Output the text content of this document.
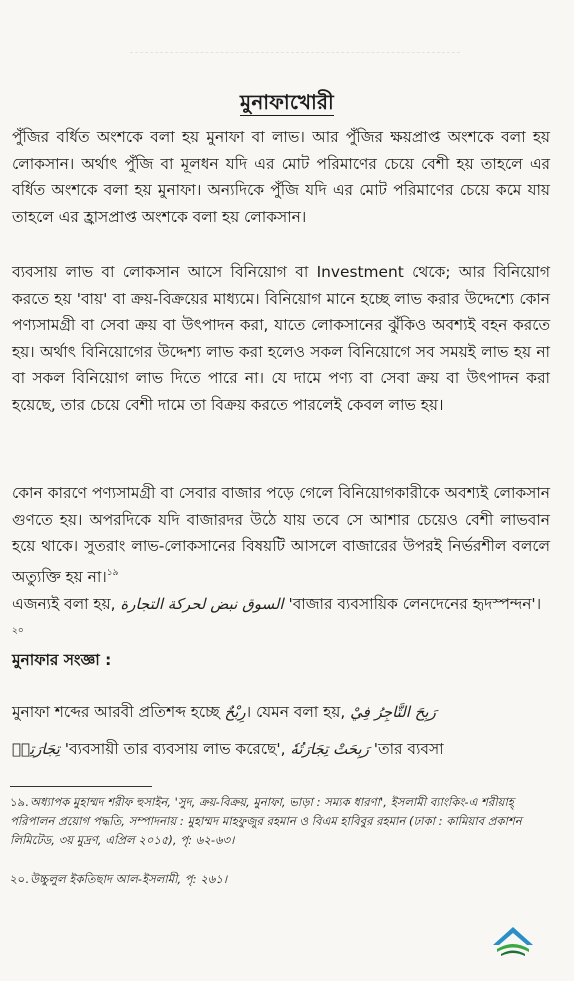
মুনাফাখোরী

পুঁজির বর্ধিত অংশকে বলা হয় মুনাফা বা লাভ। আর পুঁজির ক্ষয়প্রাপ্ত অংশকে বলা হয় লোকসান। অর্থাৎ পুঁজি বা মূলধন যদি এর মোট পরিমাণের চেয়ে বেশী হয় তাহলে এর বর্ধিত অংশকে বলা হয় মুনাফা। অন্যদিকে পুঁজি যদি এর মোট পরিমাণের চেয়ে কমে যায় তাহলে এর হ্রাসপ্রাপ্ত অংশকে বলা হয় লোকসান।

ব্যবসায় লাভ বা লোকসান আসে বিনিয়োগ বা Investment থেকে; আর বিনিয়োগ করতে হয় 'বায়' বা ক্রয়-বিক্রয়ের মাধ্যমে। বিনিয়োগ মানে হচ্ছে লাভ করার উদ্দেশ্যে কোন পণ্যসামগ্রী বা সেবা ক্রয় বা উৎপাদন করা, যাতে লোকসানের ঝুঁকিও অবশ্যই বহন করতে হয়। অর্থাৎ বিনিয়োগের উদ্দেশ্য লাভ করা হলেও সকল বিনিয়োগে সব সময়ই লাভ হয় না বা সকল বিনিয়োগ লাভ দিতে পারে না। যে দামে পণ্য বা সেবা ক্রয় বা উৎপাদন করা হয়েছে, তার চেয়ে বেশী দামে তা বিক্রয় করতে পারলেই কেবল লাভ হয়।

কোন কারণে পণ্যসামগ্রী বা সেবার বাজার পড়ে গেলে বিনিয়োগকারীকে অবশ্যই লোকসান গুণতে হয়। অপরদিকে যদি বাজারদর উঠে যায় তবে সে আশার চেয়েও বেশী লাভবান হয়ে থাকে। সুতরাং লাভ-লোকসানের বিষয়টি আসলে বাজারের উপরই নির্ভরশীল বললে অত্যুক্তি হয় না।$^{১৯}$

এজন্যই বলা হয়, السوق نبض لحركة التجارة 'বাজার ব্যবসায়িক লেনদেনের হৃদস্পন্দন'।$^{২০}$

মুনাফার সংজ্ঞা :

মুনাফা শব্দের আরবী প্রতিশব্দ হচ্ছে رِبْحٌ। যেমন বলা হয়, رَبِحَ التَّاجِرُ فِيْ

تِجَارَتِهٖ 'ব্যবসায়ী তার ব্যবসায় লাভ করেছে', رَبِحَتْ تِجَارَتُهٗ 'তার ব্যবসা

১৯.অধ্যাপক মুহাম্মদ শরীফ হুসাইন, 'সুদ, ক্রয়-বিক্রয়, মুনাফা, ভাড়া : সম্যক ধারণা', ইসলামী ব্যাংকিং-এ শরীয়াহ্ পরিপালন প্রয়োগ পদ্ধতি, সম্পাদনায় : মুহাম্মদ মাহফুজুর রহমান ও বিএম হাবিবুর রহমান (ঢাকা : কামিয়াব প্রকাশন লিমিটেড, ৩য় মুদ্রণ, এপ্রিল ২০১৫), পৃ: ৬২-৬৩।

২০.উচ্চুলুল ইকতিছাদ আল-ইসলামী, পৃ: ২৬১।
